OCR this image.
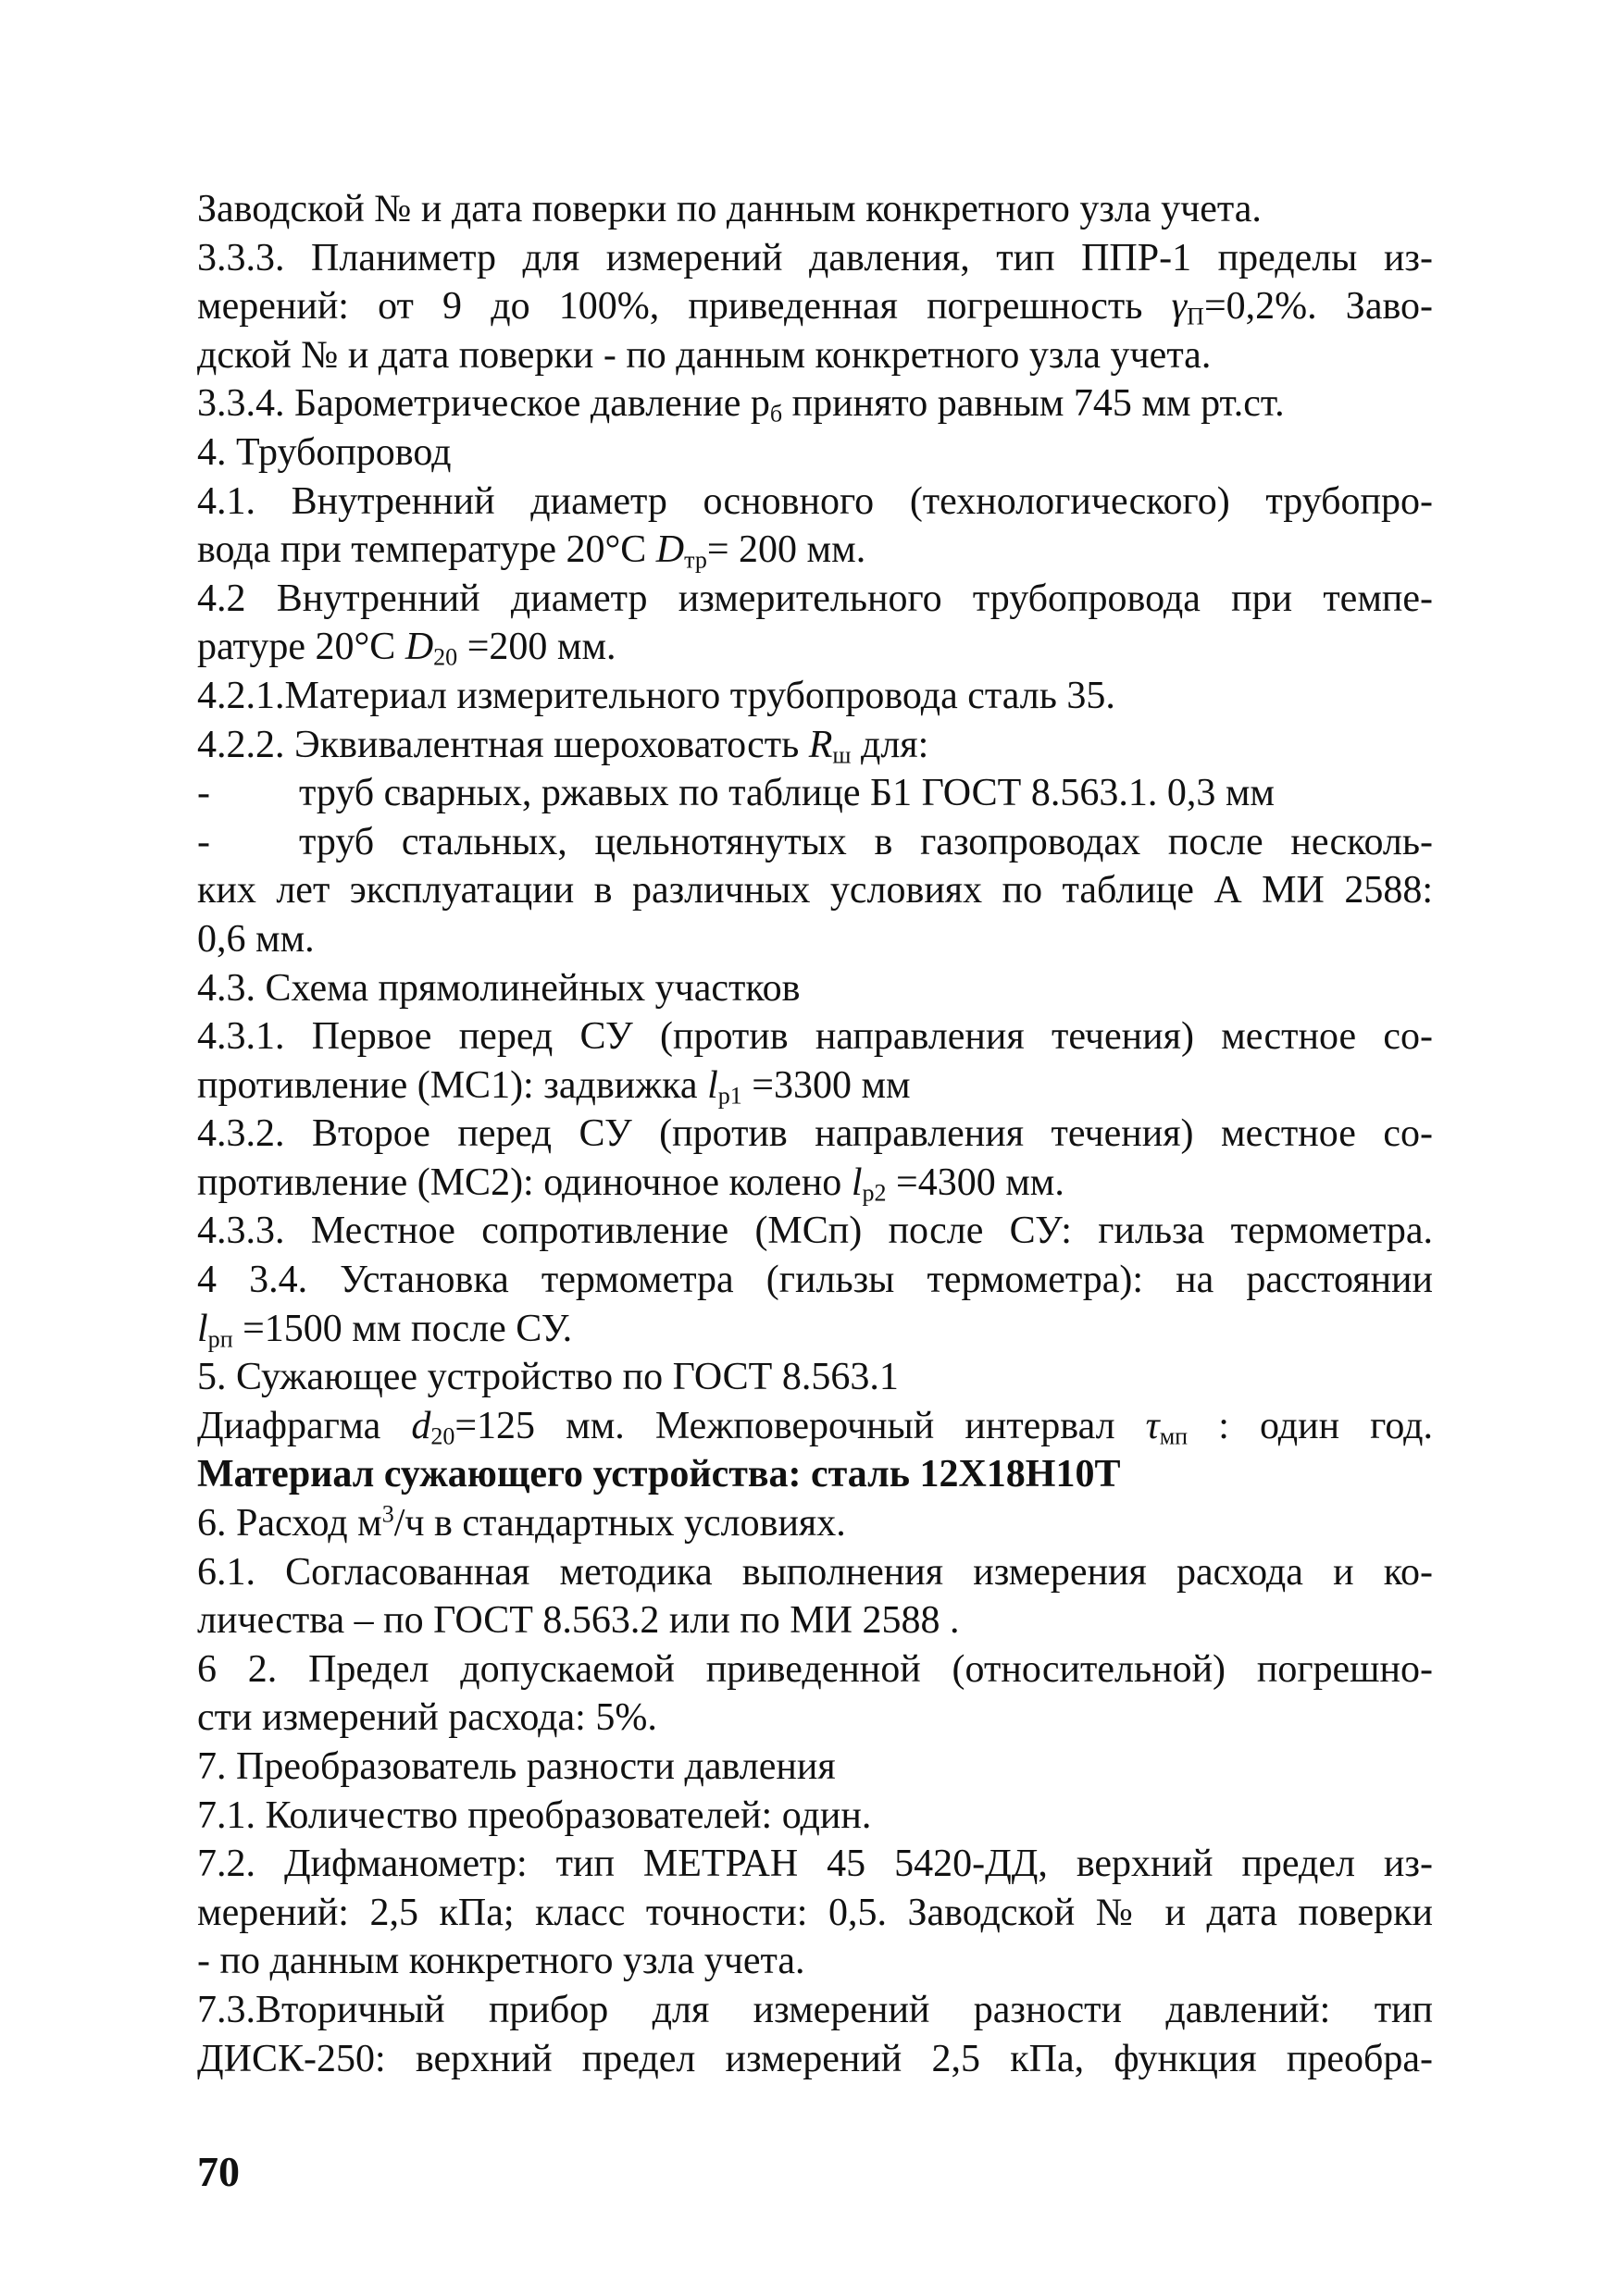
Заводской № и дата поверки по данным конкретного узла учета.
3.3.3. Планиметр для измерений давления, тип ППР-1 пределы из-
мерений: от 9 до 100%, приведенная погрешность $\gamma_П=0,2\%$. Заво-
дской № и дата поверки - по данным конкретного узла учета.
3.3.4. Барометрическое давление $р_б$ принято равным 745 мм рт.ст.
4. Трубопровод
4.1. Внутренний диаметр основного (технологического) трубопро-
вода при температуре 20°С $D_{тр}= 200$ мм.
4.2 Внутренний диаметр измерительного трубопровода при темпе-
ратуре 20°С $D_{20} =200$ мм.
4.2.1.Материал измерительного трубопровода сталь 35.
4.2.2. Эквивалентная шероховатость $R_ш$ для:
- труб сварных, ржавых по таблице Б1 ГОСТ 8.563.1. 0,3 мм
- труб стальных, цельнотянутых в газопроводах после несколь-
ких лет эксплуатации в различных условиях по таблице А МИ 2588:
0,6 мм.
4.3. Схема прямолинейных участков
4.3.1. Первое перед СУ (против направления течения) местное со-
противление (МС1): задвижка $l_{р1} =3300$ мм
4.3.2. Второе перед СУ (против направления течения) местное со-
противление (МС2): одиночное колено $l_{р2} =4300$ мм.
4.3.3. Местное сопротивление (МСп) после СУ: гильза термометра.
4 3.4. Установка термометра (гильзы термометра): на расстоянии
$l_{рп} =1500$ мм после СУ.
5. Сужающее устройство по ГОСТ 8.563.1
Диафрагма $d_{20}=125$ мм. Межповерочный интервал $\tau_{мп}$ : один год.
Материал сужающего устройства: сталь 12Х18Н10Т
6. Расход $м^3/ч$ в стандартных условиях.
6.1. Согласованная методика выполнения измерения расхода и ко-
личества – по ГОСТ 8.563.2 или по МИ 2588 .
6 2. Предел допускаемой приведенной (относительной) погрешно-
сти измерений расхода: 5%.
7. Преобразователь разности давления
7.1. Количество преобразователей: один.
7.2. Дифманометр: тип МЕТРАН 45 5420-ДД, верхний предел из-
мерений: 2,5 кПа; класс точности: 0,5. Заводской № и дата поверки
- по данным конкретного узла учета.
7.3.Вторичный прибор для измерений разности давлений: тип
ДИСК-250: верхний предел измерений 2,5 кПа, функция преобра-
70
